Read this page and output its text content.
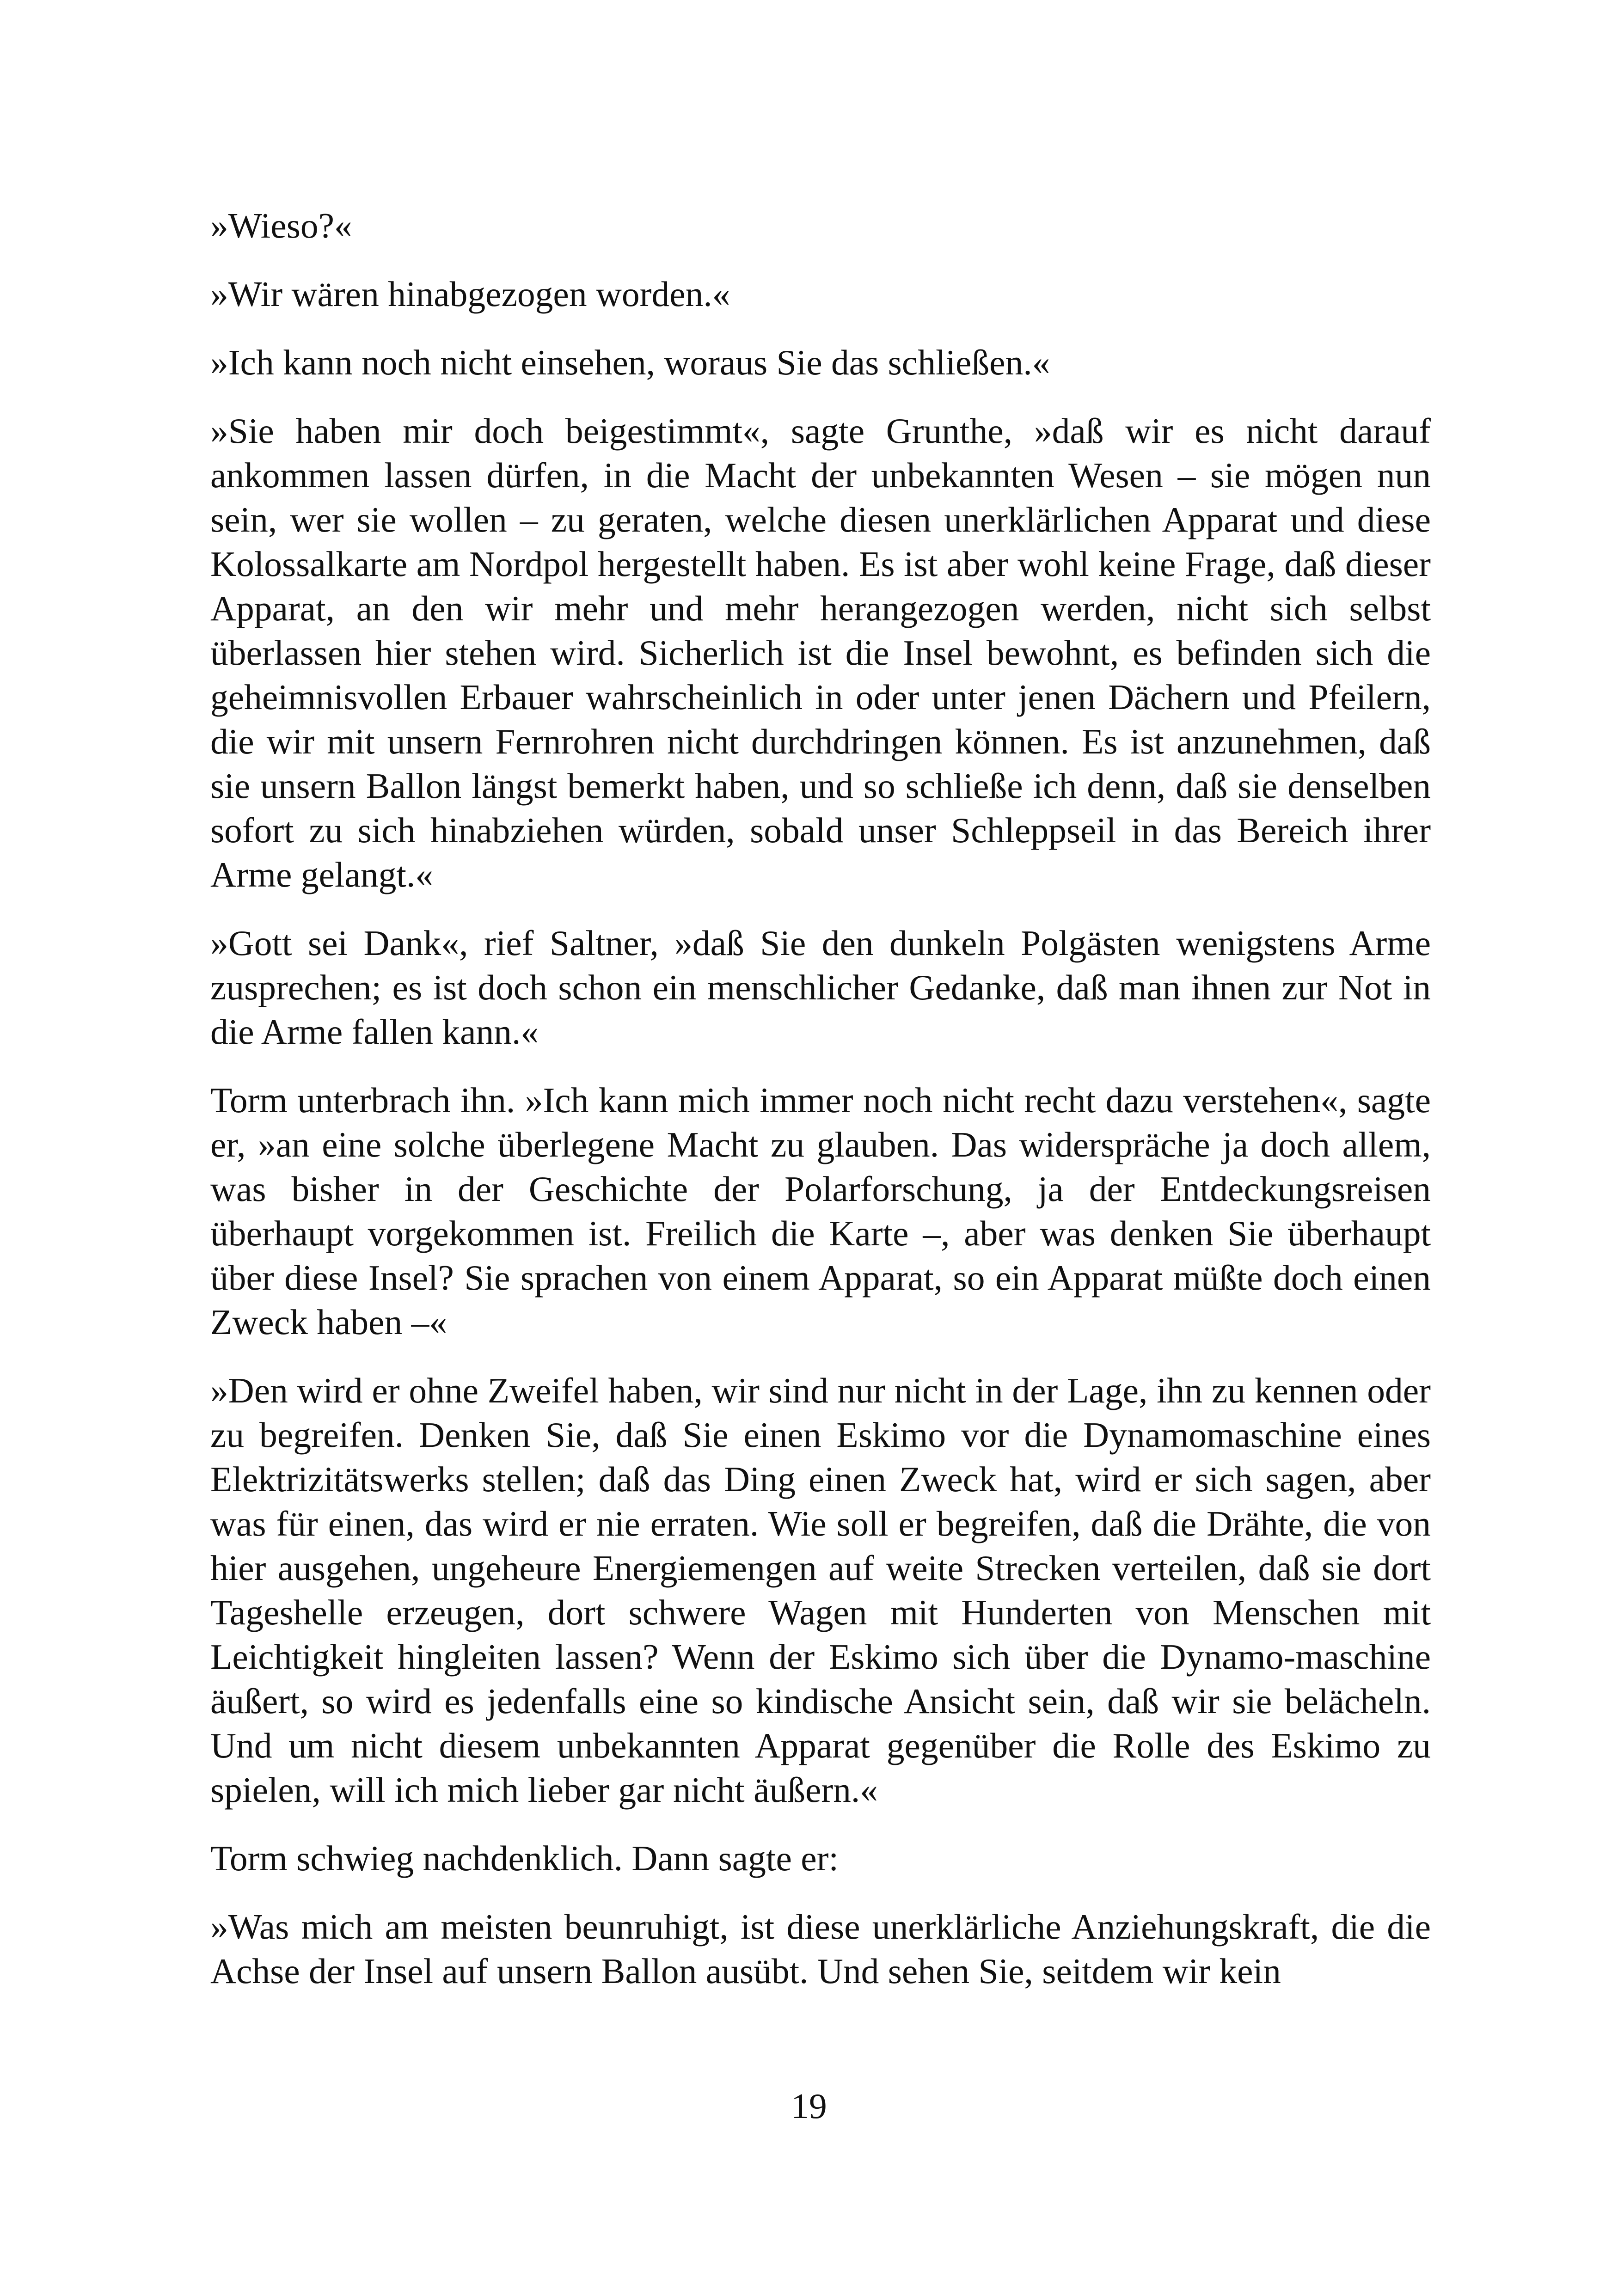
»Wieso?«

»Wir wären hinabgezogen worden.«

»Ich kann noch nicht einsehen, woraus Sie das schließen.«

»Sie haben mir doch beigestimmt«, sagte Grunthe, »daß wir es nicht darauf ankommen lassen dürfen, in die Macht der unbekannten Wesen – sie mögen nun sein, wer sie wollen – zu geraten, welche diesen unerklärlichen Apparat und diese Kolossalkarte am Nordpol hergestellt haben. Es ist aber wohl keine Frage, daß dieser Apparat, an den wir mehr und mehr herangezogen werden, nicht sich selbst überlassen hier stehen wird. Sicherlich ist die Insel bewohnt, es befinden sich die geheimnisvollen Erbauer wahrscheinlich in oder unter jenen Dächern und Pfeilern, die wir mit unsern Fernrohren nicht durchdringen können. Es ist anzunehmen, daß sie unsern Ballon längst bemerkt haben, und so schließe ich denn, daß sie denselben sofort zu sich hinabziehen würden, sobald unser Schleppseil in das Bereich ihrer Arme gelangt.«

»Gott sei Dank«, rief Saltner, »daß Sie den dunkeln Polgästen wenigstens Arme zusprechen; es ist doch schon ein menschlicher Gedanke, daß man ihnen zur Not in die Arme fallen kann.«

Torm unterbrach ihn. »Ich kann mich immer noch nicht recht dazu verstehen«, sagte er, »an eine solche überlegene Macht zu glauben. Das widerspräche ja doch allem, was bisher in der Geschichte der Polarforschung, ja der Entdeckungsreisen überhaupt vorgekommen ist. Freilich die Karte –, aber was denken Sie überhaupt über diese Insel? Sie sprachen von einem Apparat, so ein Apparat müßte doch einen Zweck haben –«

»Den wird er ohne Zweifel haben, wir sind nur nicht in der Lage, ihn zu kennen oder zu begreifen. Denken Sie, daß Sie einen Eskimo vor die Dynamomaschine eines Elektrizitätswerks stellen; daß das Ding einen Zweck hat, wird er sich sagen, aber was für einen, das wird er nie erraten. Wie soll er begreifen, daß die Drähte, die von hier ausgehen, ungeheure Energiemengen auf weite Strecken verteilen, daß sie dort Tageshelle erzeugen, dort schwere Wagen mit Hunderten von Menschen mit Leichtigkeit hingleiten lassen? Wenn der Eskimo sich über die Dynamo-maschine äußert, so wird es jedenfalls eine so kindische Ansicht sein, daß wir sie belächeln. Und um nicht diesem unbekannten Apparat gegenüber die Rolle des Eskimo zu spielen, will ich mich lieber gar nicht äußern.«

Torm schwieg nachdenklich. Dann sagte er:

»Was mich am meisten beunruhigt, ist diese unerklärliche Anziehungskraft, die die Achse der Insel auf unsern Ballon ausübt. Und sehen Sie, seitdem wir kein

19
